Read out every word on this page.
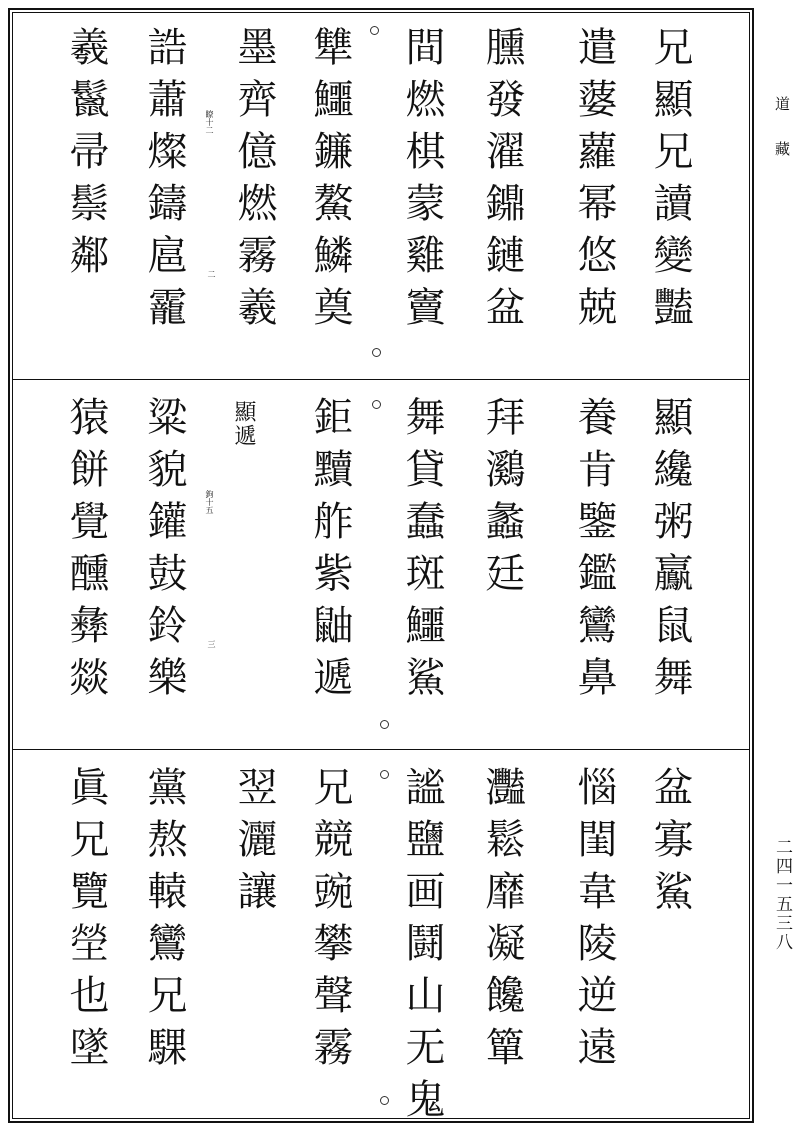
兄顯兄讀變豔
遣蔢蘿幂悠兢
臐發濯鐤鏈盆
間燃棋蒙雞竇
犨鱷鐮鰲鱗奠
墨齊億燃霧羲
誥蕭燦鑄扈靇
羲鬣帚鬃鄰	瞭十二
二
顯纔粥鸁鼠舞
養肯鑒鑑鸞鼻
拜鸂蠡廷
舞貸蠢斑鱷鯊
鉅黷舴紫鼬遞
顯遞
粱貌鑵鼓鈴樂
猿餅覺醺彝燚	鉤十五
三
盆寡鯊
惱閨韋陵逆遠
灩鬆靡凝饞簞
謐鹽画鬪山无鬼
兄競豌攀聲霧
翌灑讓
黨熬轅鸞兄騍
眞兄覽塋也墜
道藏
二四一五三八
